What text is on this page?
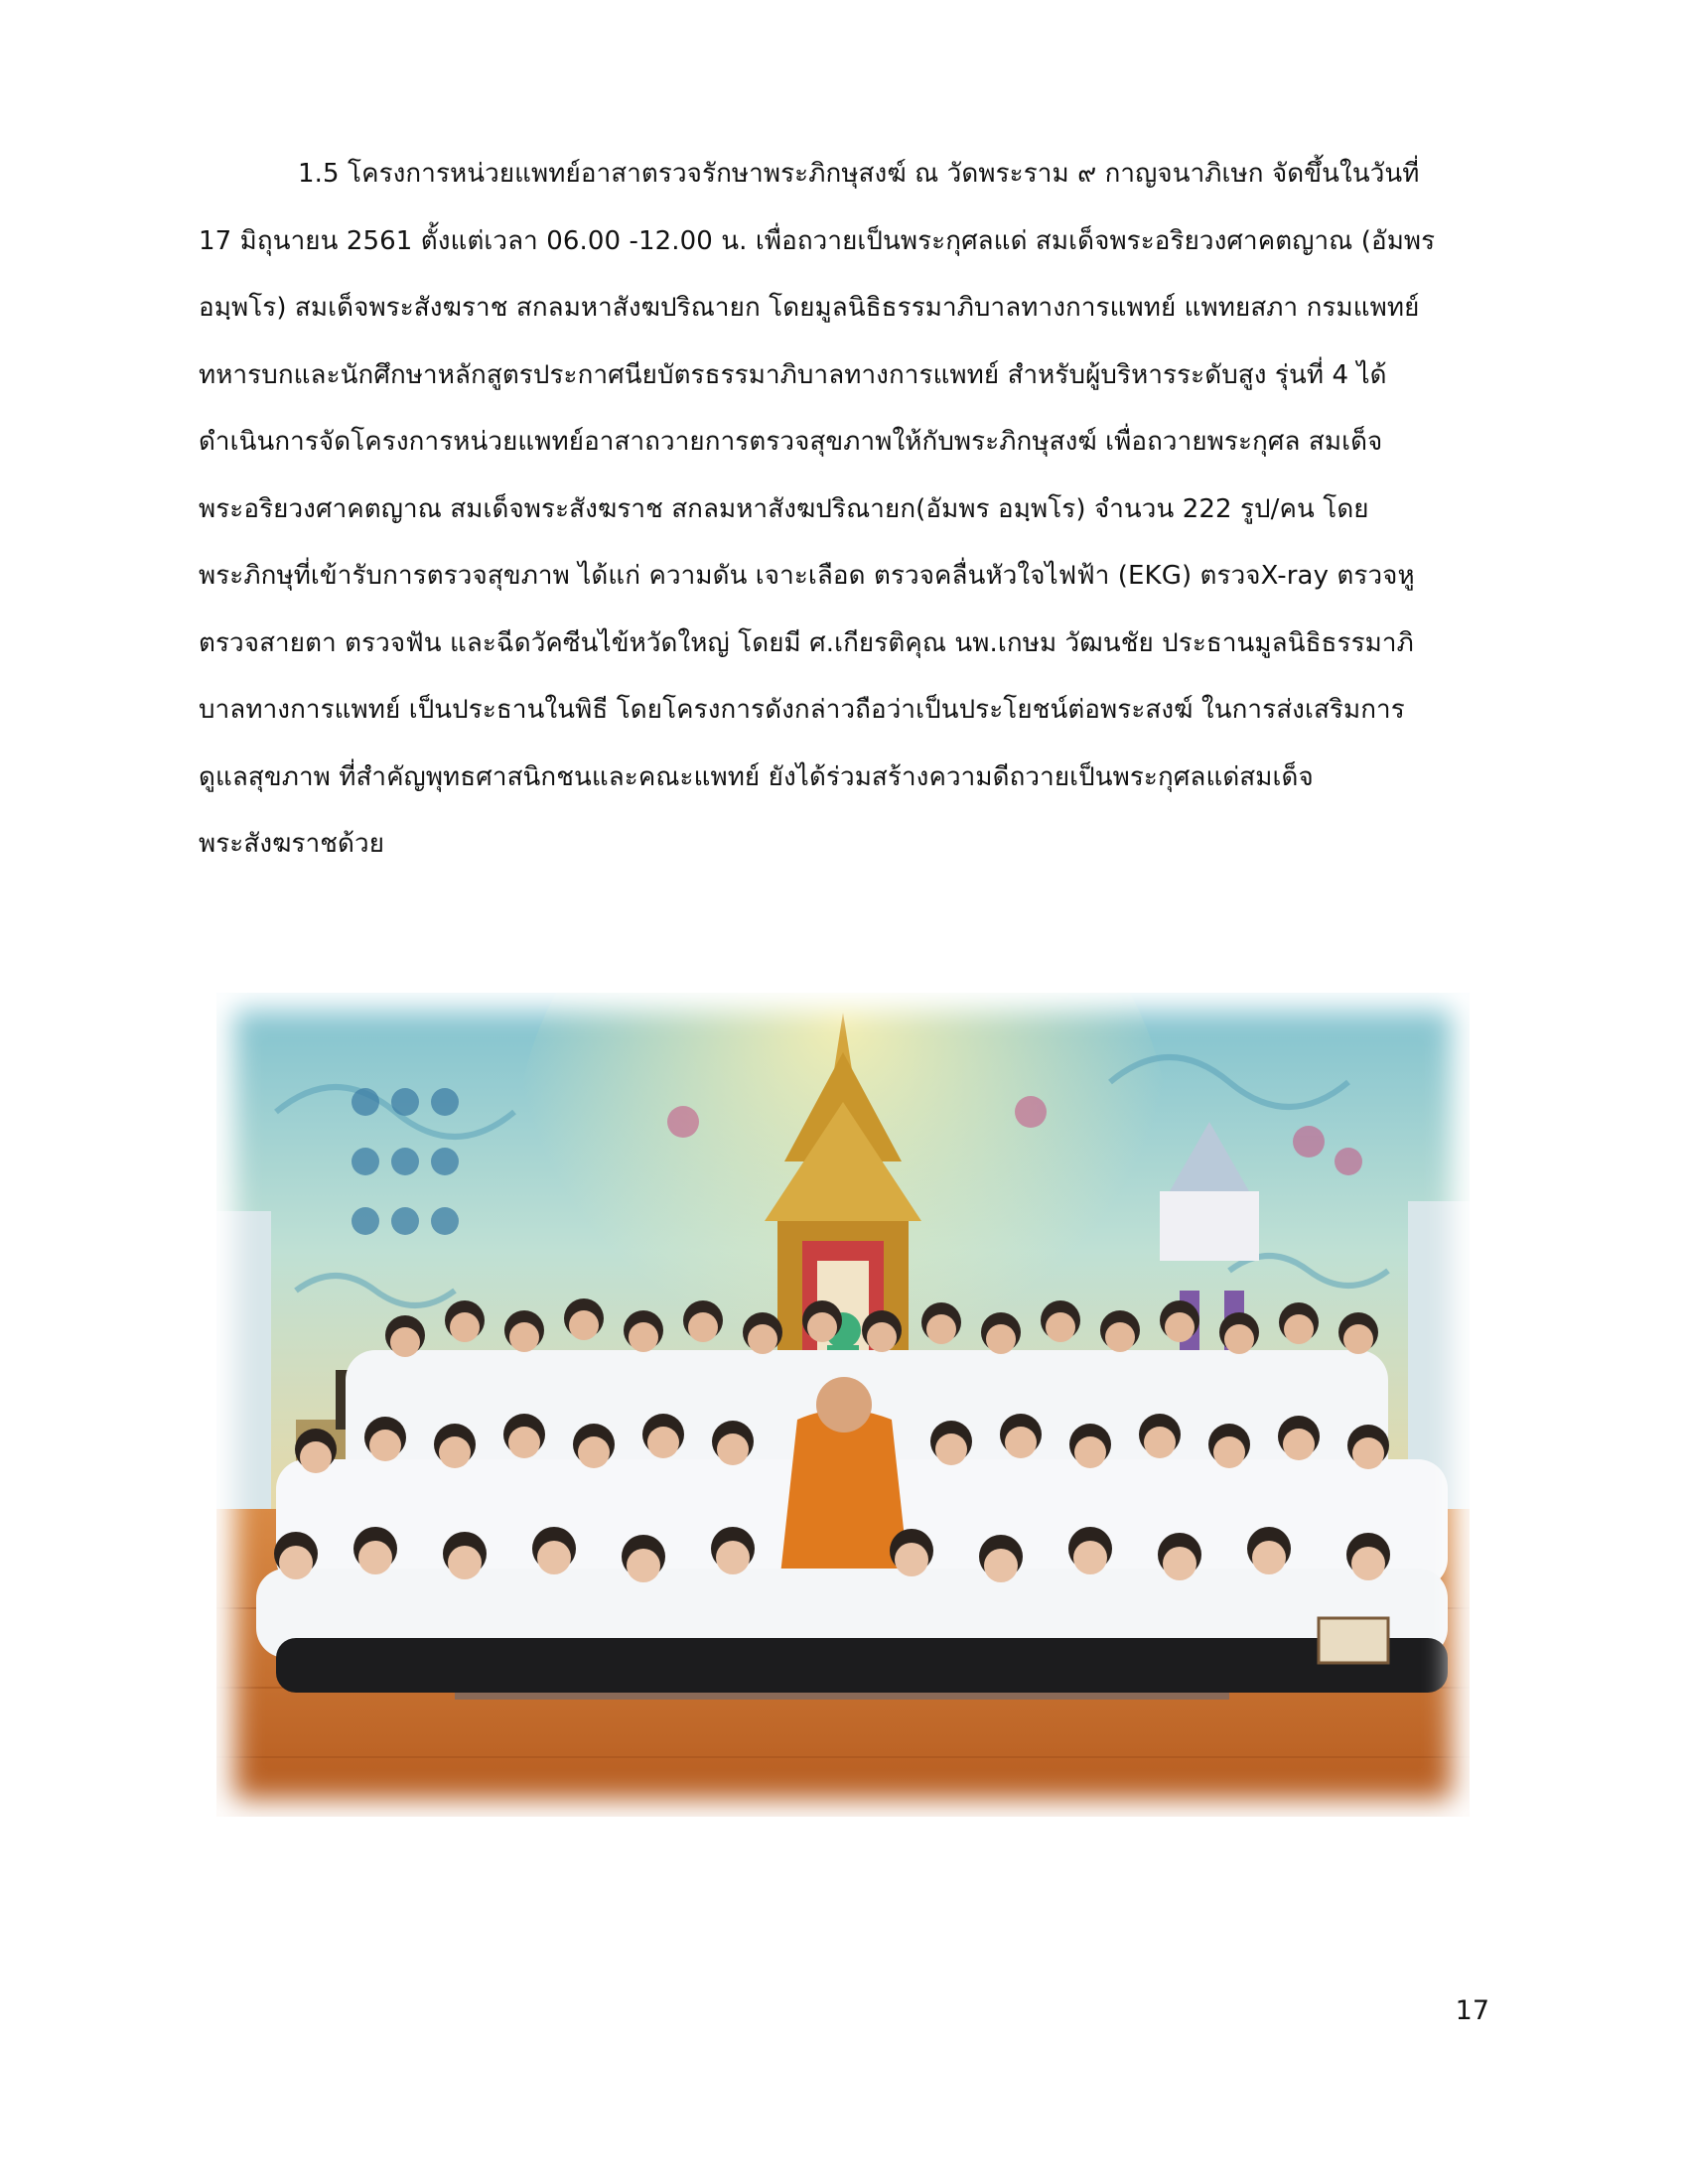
1.5 โครงการหน่วยแพทย์อาสาตรวจรักษาพระภิกษุสงฆ์ ณ วัดพระราม ๙ กาญจนาภิเษก จัดขึ้นในวันที่
17 มิถุนายน 2561 ตั้งแต่เวลา 06.00 -12.00 น. เพื่อถวายเป็นพระกุศลแด่ สมเด็จพระอริยวงศาคตญาณ (อัมพร
อมฺพโร) สมเด็จพระสังฆราช สกลมหาสังฆปริณายก โดยมูลนิธิธรรมาภิบาลทางการแพทย์ แพทยสภา กรมแพทย์
ทหารบกและนักศึกษาหลักสูตรประกาศนียบัตรธรรมาภิบาลทางการแพทย์ สำหรับผู้บริหารระดับสูง รุ่นที่ 4 ได้
ดำเนินการจัดโครงการหน่วยแพทย์อาสาถวายการตรวจสุขภาพให้กับพระภิกษุสงฆ์ เพื่อถวายพระกุศล สมเด็จ
พระอริยวงศาคตญาณ สมเด็จพระสังฆราช สกลมหาสังฆปริณายก(อัมพร อมฺพโร) จำนวน 222 รูป/คน โดย
พระภิกษุที่เข้ารับการตรวจสุขภาพ ได้แก่ ความดัน เจาะเลือด ตรวจคลื่นหัวใจไฟฟ้า (EKG) ตรวจX-ray ตรวจหู
ตรวจสายตา ตรวจฟัน และฉีดวัคซีนไข้หวัดใหญ่ โดยมี ศ.เกียรติคุณ นพ.เกษม วัฒนชัย ประธานมูลนิธิธรรมาภิ
บาลทางการแพทย์ เป็นประธานในพิธี โดยโครงการดังกล่าวถือว่าเป็นประโยชน์ต่อพระสงฆ์ ในการส่งเสริมการ
ดูแลสุขภาพ ที่สำคัญพุทธศาสนิกชนและคณะแพทย์ ยังได้ร่วมสร้างความดีถวายเป็นพระกุศลแด่สมเด็จ
พระสังฆราชด้วย
17
